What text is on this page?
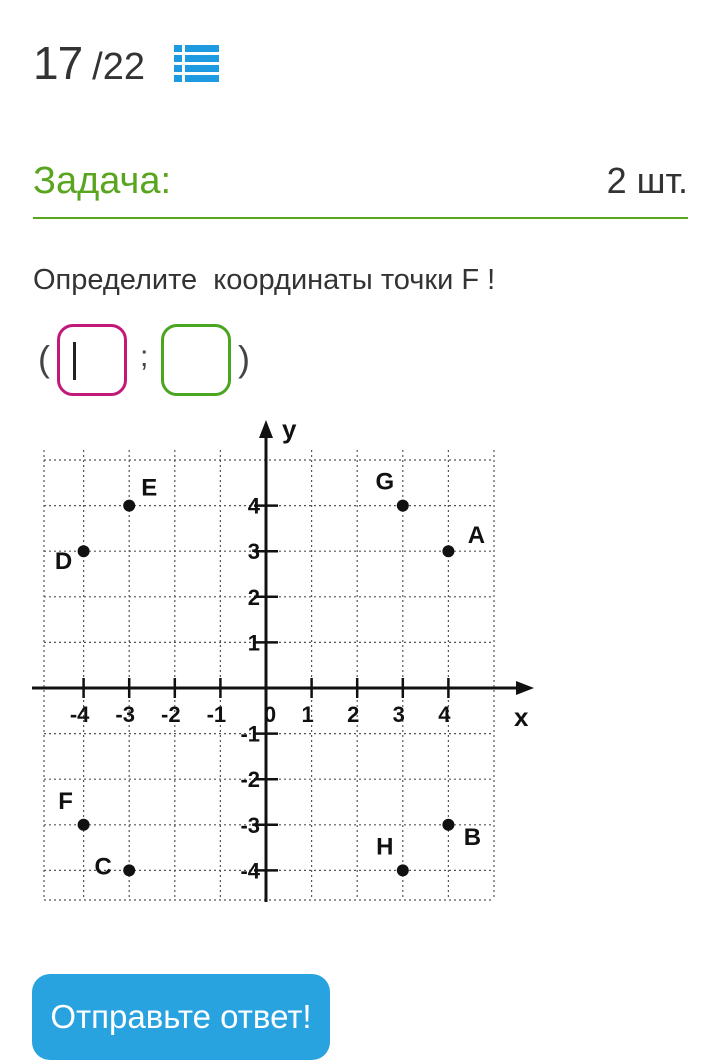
17 /22
Задача:	2 шт.
Определите  координаты точки F !
(	; )
x
y
-4 -3 -2 -1 0 1 2 3 4
4
3
2
1
-1
-2
-3
-4
A
B
C
D
E
F
G
H
Отправьте ответ!
